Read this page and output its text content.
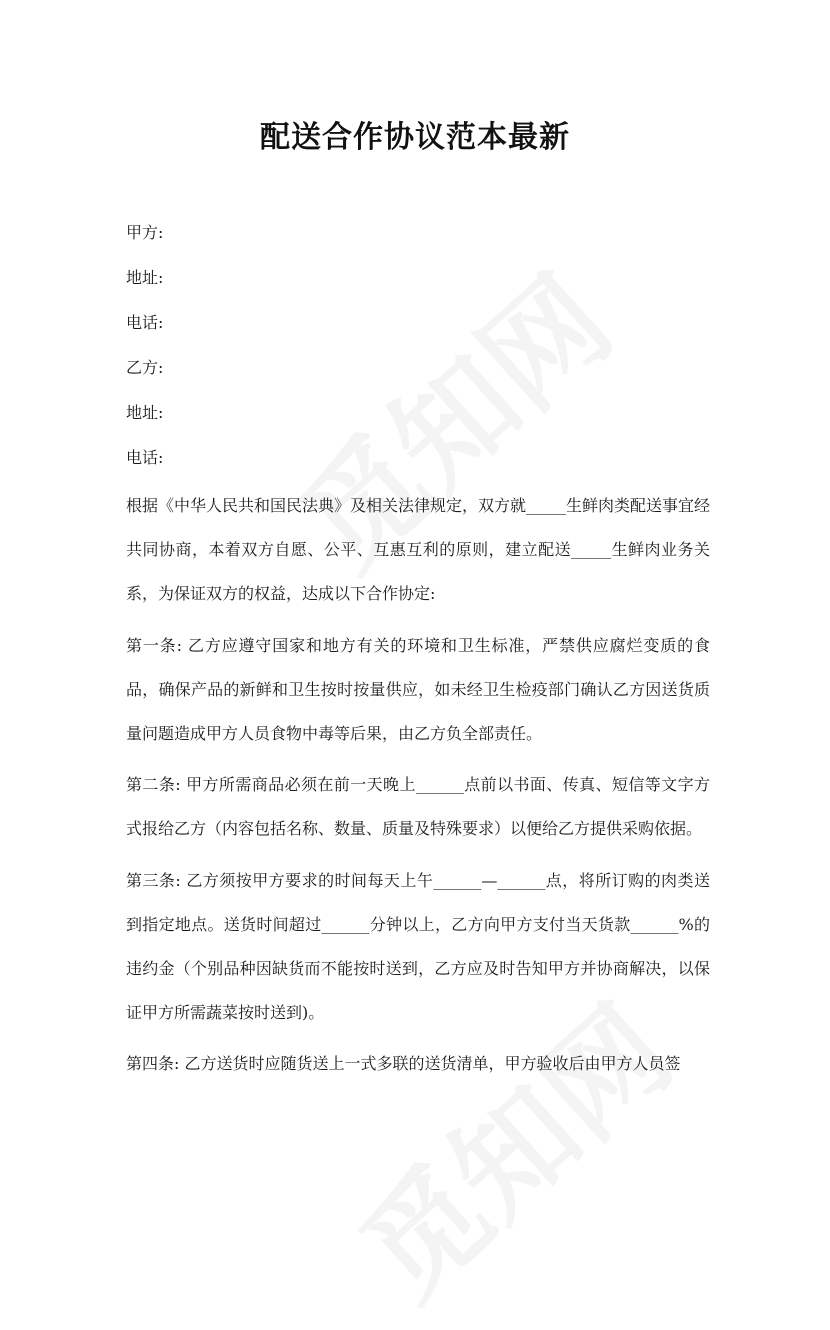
配送合作协议范本最新
甲方:
地址:
电话:
乙方:
地址:
电话:

根据《中华人民共和国民法典》及相关法律规定，双方就_____生鲜肉类配送事宜经共同协商，本着双方自愿、公平、互惠互利的原则，建立配送_____生鲜肉业务关系，为保证双方的权益，达成以下合作协定:

第一条: 乙方应遵守国家和地方有关的环境和卫生标准，严禁供应腐烂变质的食品，确保产品的新鲜和卫生按时按量供应，如未经卫生检疫部门确认乙方因送货质量问题造成甲方人员食物中毒等后果，由乙方负全部责任。

第二条: 甲方所需商品必须在前一天晚上______点前以书面、传真、短信等文字方式报给乙方（内容包括名称、数量、质量及特殊要求）以便给乙方提供采购依据。

第三条: 乙方须按甲方要求的时间每天上午______—______点，将所订购的肉类送到指定地点。送货时间超过______分钟以上，乙方向甲方支付当天货款______%的违约金（个别品种因缺货而不能按时送到，乙方应及时告知甲方并协商解决，以保证甲方所需蔬菜按时送到)。

第四条: 乙方送货时应随货送上一式多联的送货清单，甲方验收后由甲方人员签
